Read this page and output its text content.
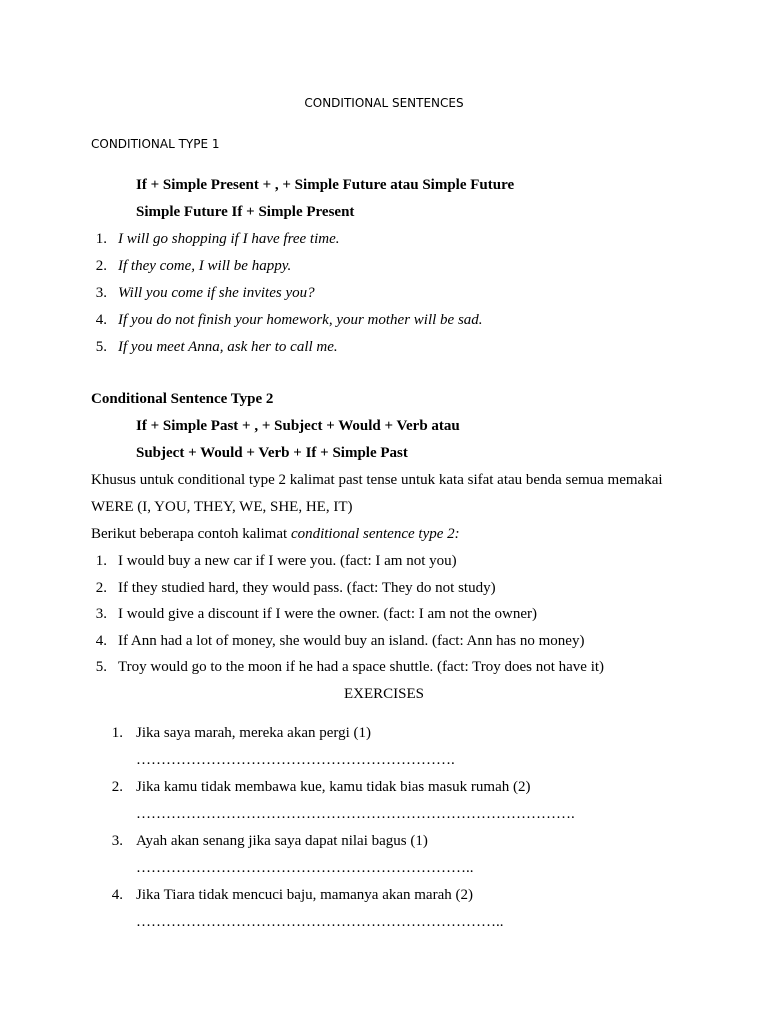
CONDITIONAL SENTENCES
CONDITIONAL TYPE 1
If + Simple Present + , + Simple Future atau Simple Future
Simple Future If + Simple Present
1. I will go shopping if I have free time.
2. If they come, I will be happy.
3. Will you come if she invites you?
4. If you do not finish your homework, your mother will be sad.
5. If you meet Anna, ask her to call me.
Conditional Sentence Type 2
If + Simple Past + , + Subject + Would + Verb atau
Subject + Would + Verb + If + Simple Past
Khusus untuk conditional type 2 kalimat past tense untuk kata sifat atau benda semua memakai
WERE (I, YOU, THEY, WE, SHE, HE, IT)
Berikut beberapa contoh kalimat conditional sentence type 2:
1. I would buy a new car if I were you. (fact: I am not you)
2. If they studied hard, they would pass. (fact: They do not study)
3. I would give a discount if I were the owner. (fact: I am not the owner)
4. If Ann had a lot of money, she would buy an island. (fact: Ann has no money)
5. Troy would go to the moon if he had a space shuttle. (fact: Troy does not have it)
EXERCISES
1. Jika saya marah, mereka akan pergi (1)
……………………………………………………….
2. Jika kamu tidak membawa kue, kamu tidak bias masuk rumah (2)
…………………………………………………………………………….
3. Ayah akan senang jika saya dapat nilai bagus (1)
…………………………………………………………..
4. Jika Tiara tidak mencuci baju, mamanya akan marah (2)
………………………………………………………………..
